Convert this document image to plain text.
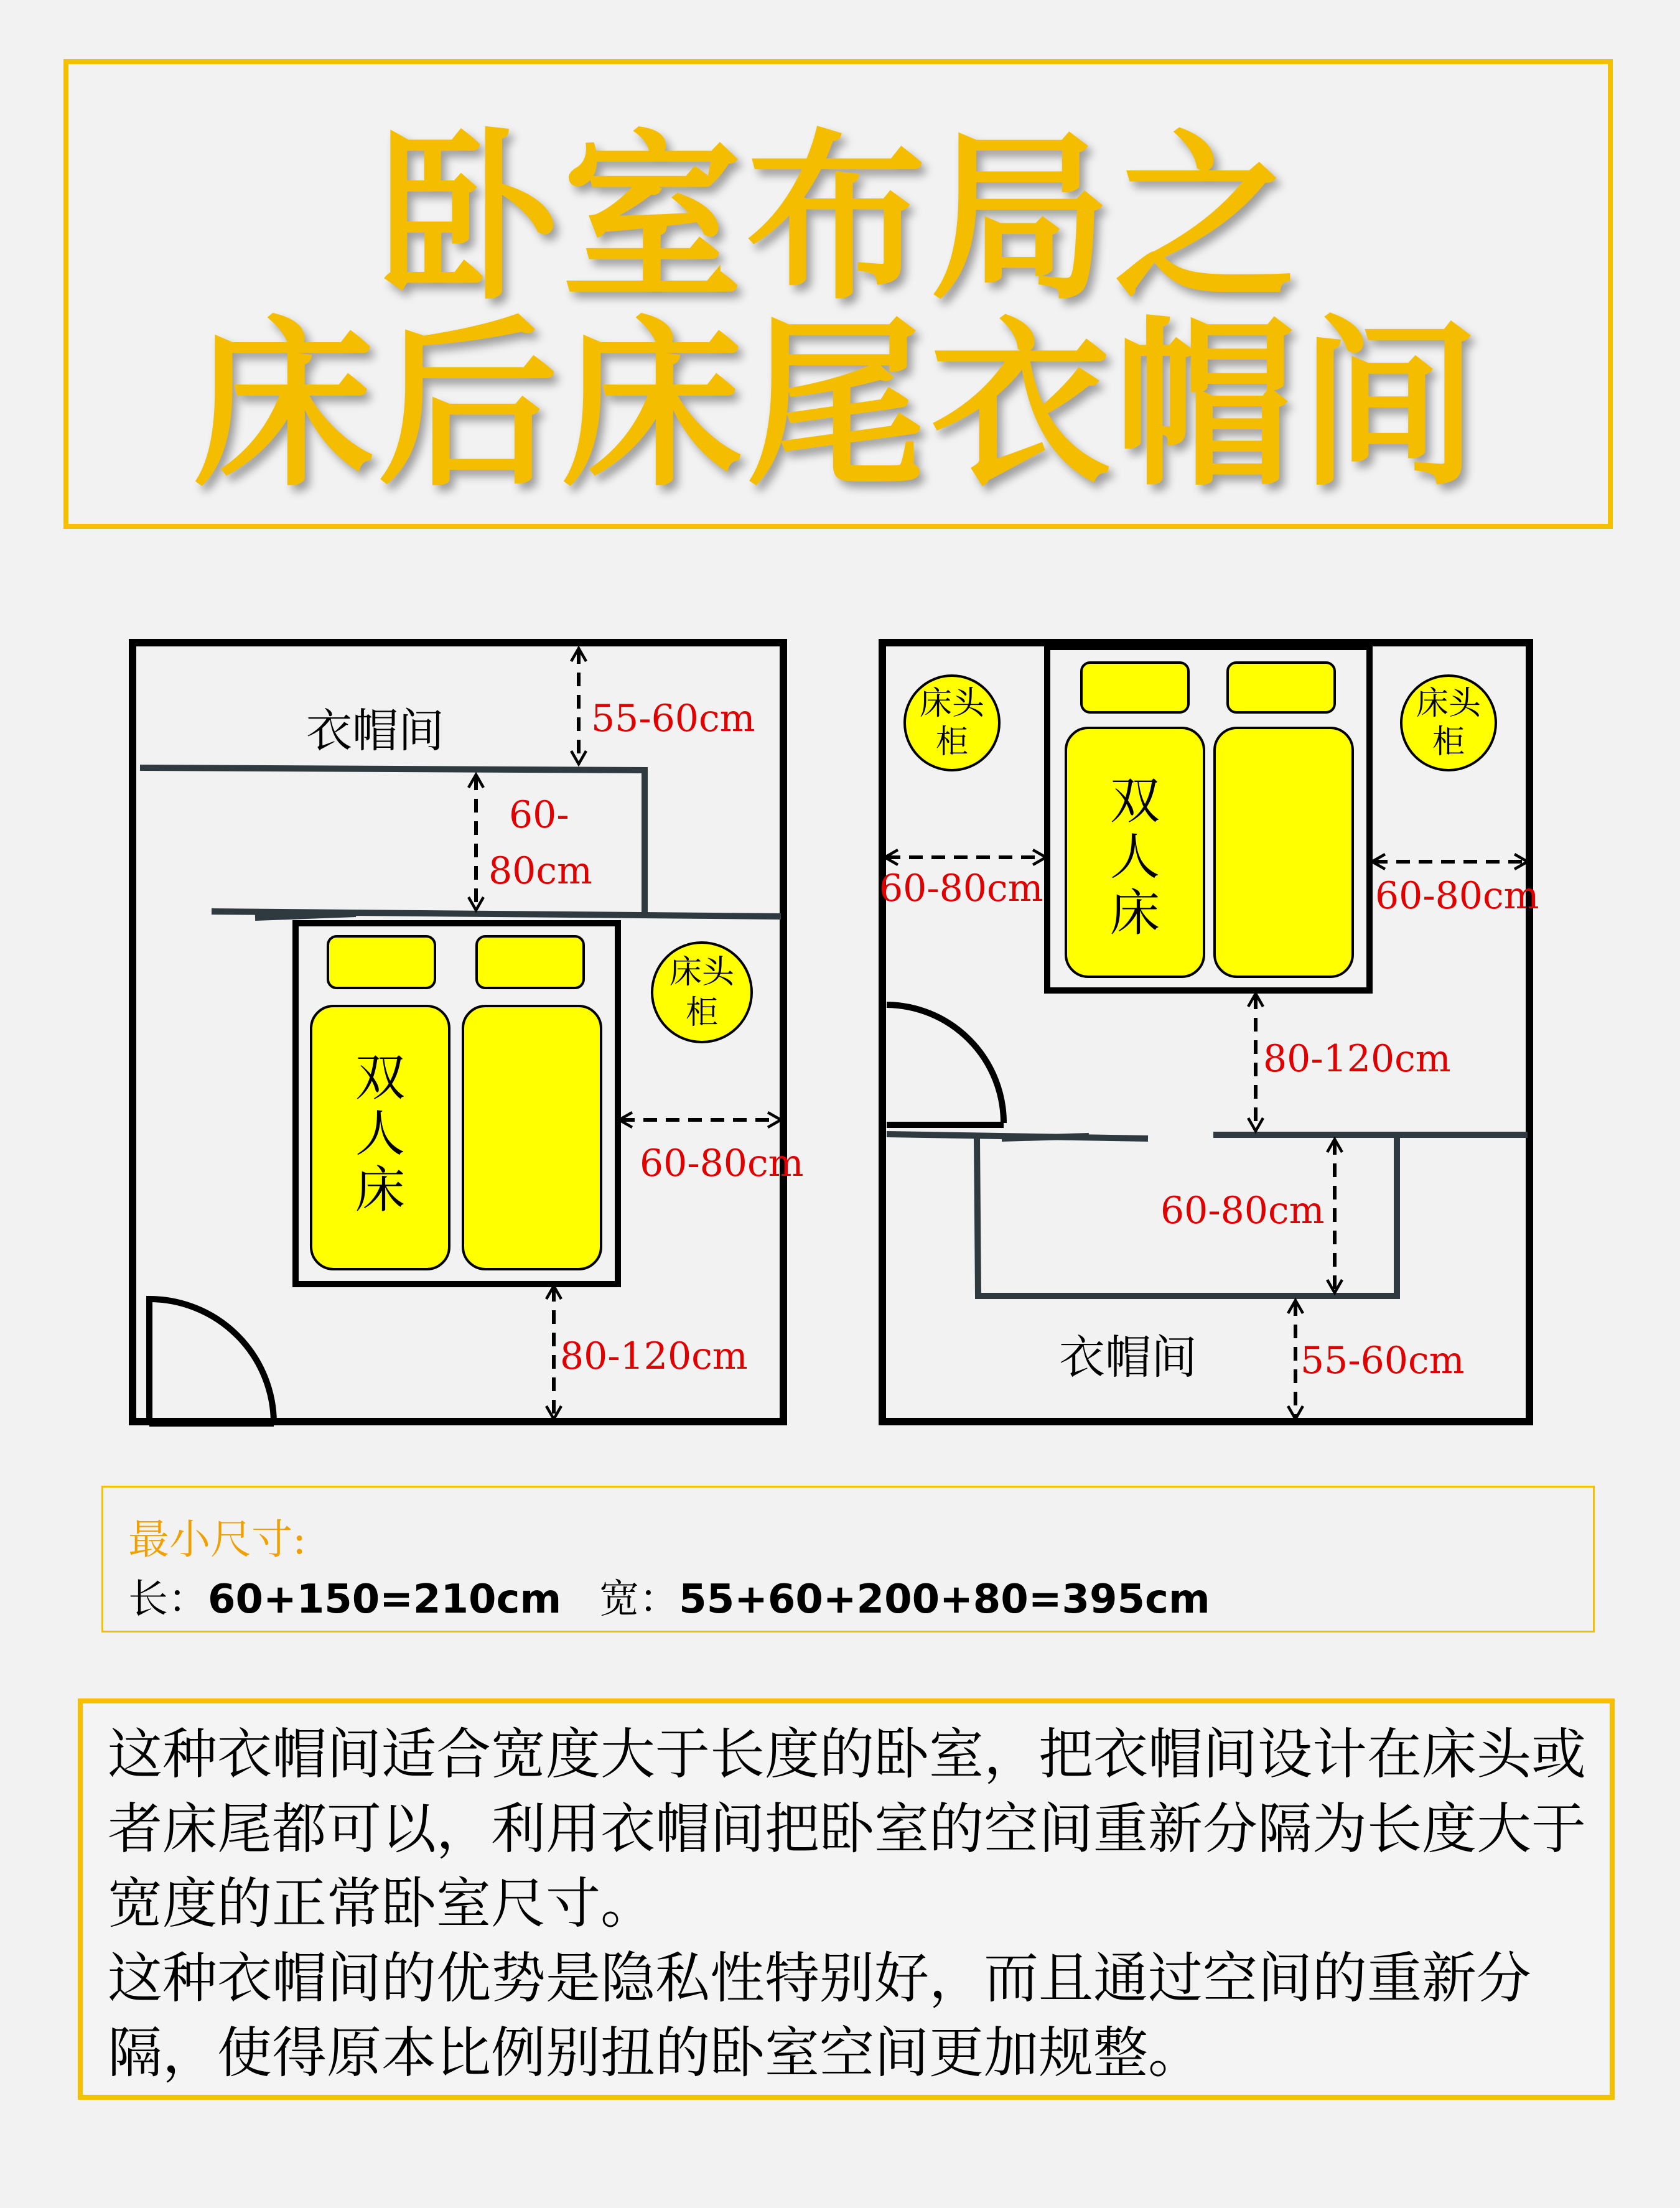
卧室布局之
床后床尾衣帽间
双
人
床
床头
柜
衣帽间	55-60cm
60-
80cm
60-80cm
80-120cm
双
人
床
床头
柜
床头
柜
衣帽间
60-80cm	60-80cm
80-120cm
60-80cm
55-60cm
最小尺寸:
长：60+150=210cm 宽：55+60+200+80=395cm

这种衣帽间适合宽度大于长度的卧室，把衣帽间设计在床头或者床尾都可以，利用衣帽间把卧室的空间重新分隔为长度大于宽度的正常卧室尺寸。

这种衣帽间的优势是隐私性特别好，而且通过空间的重新分隔，使得原本比例别扭的卧室空间更加规整。
